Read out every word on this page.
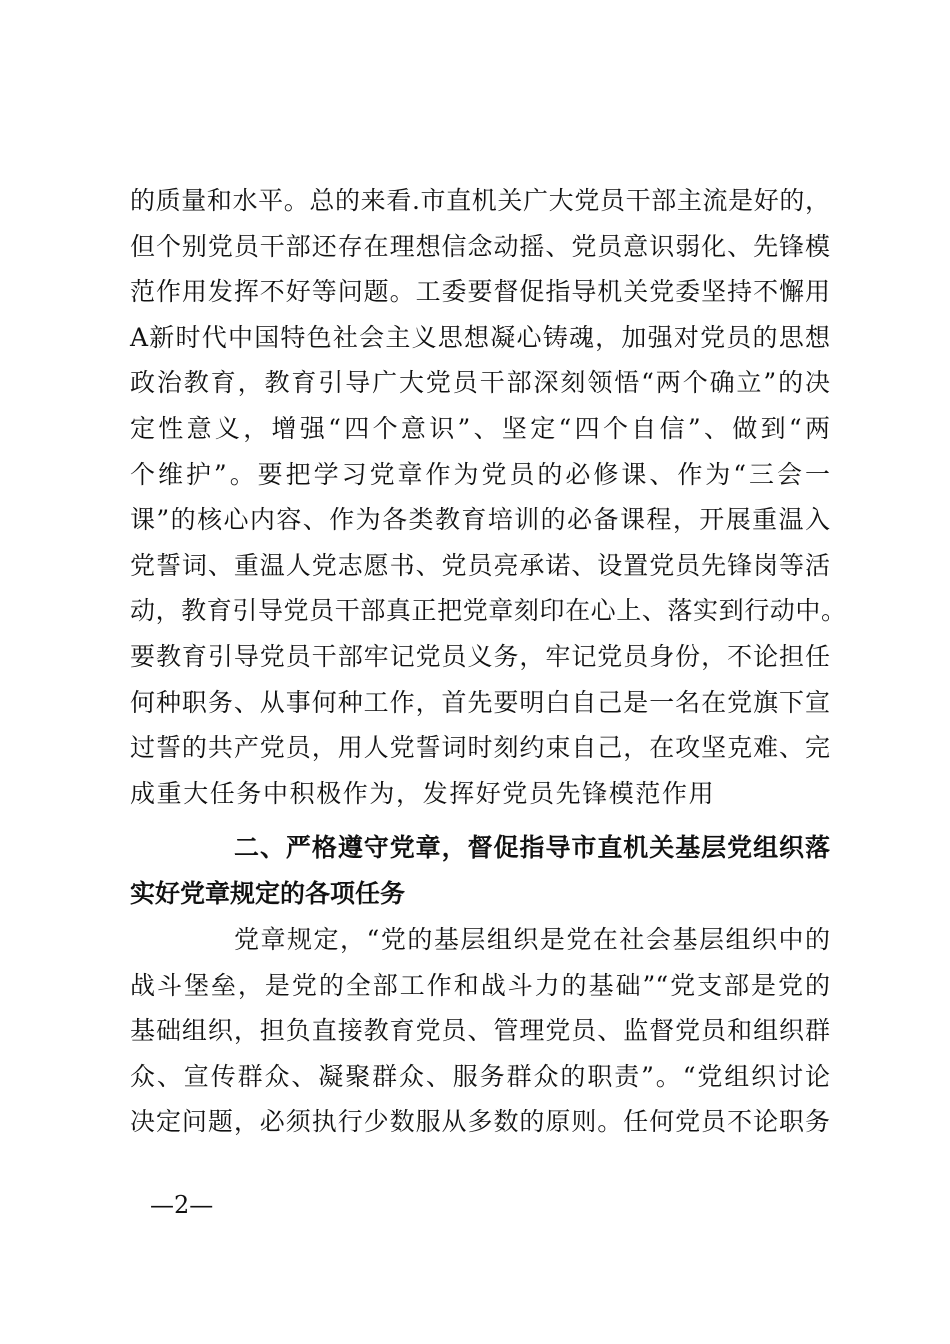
的质量和水平。总的来看.市直机关广大党员干部主流是好的，
但个别党员干部还存在理想信念动摇、党员意识弱化、先锋模
范作用发挥不好等问题。工委要督促指导机关党委坚持不懈用
A新时代中国特色社会主义思想凝心铸魂，加强对党员的思想
政治教育，教育引导广大党员干部深刻领悟“两个确立”的决
定性意义，增强“四个意识”、坚定“四个自信”、做到“两
个维护”。要把学习党章作为党员的必修课、作为“三会一
课”的核心内容、作为各类教育培训的必备课程，开展重温入
党誓词、重温人党志愿书、党员亮承诺、设置党员先锋岗等活
动，教育引导党员干部真正把党章刻印在心上、落实到行动中。
要教育引导党员干部牢记党员义务，牢记党员身份，不论担任
何种职务、从事何种工作，首先要明白自己是一名在党旗下宣
过誓的共产党员，用人党誓词时刻约束自己，在攻坚克难、完
成重大任务中积极作为，发挥好党员先锋模范作用
二、严格遵守党章，督促指导市直机关基层党组织落
实好党章规定的各项任务
党章规定，“党的基层组织是党在社会基层组织中的
战斗堡垒，是党的全部工作和战斗力的基础”“党支部是党的
基础组织，担负直接教育党员、管理党员、监督党员和组织群
众、宣传群众、凝聚群众、服务群众的职责”。“党组织讨论
决定问题，必须执行少数服从多数的原则。任何党员不论职务
—2—
